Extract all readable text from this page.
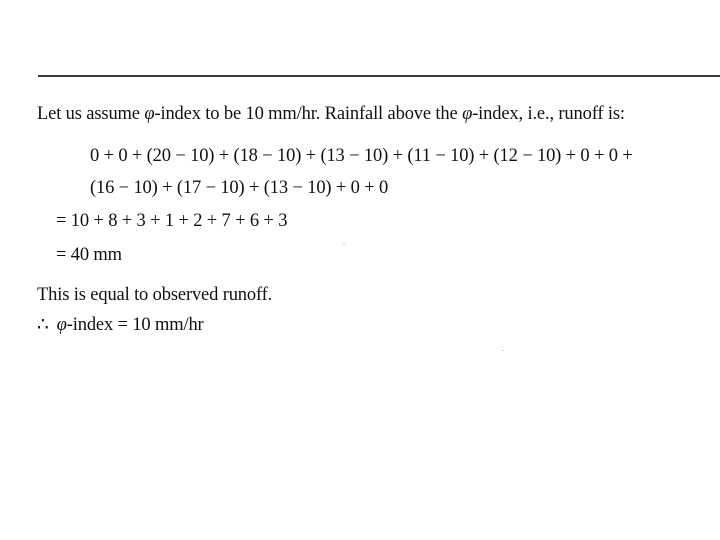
Let us assume φ-index to be 10 mm/hr. Rainfall above the φ-index, i.e., runoff is:
0 + 0 + (20 − 10) + (18 − 10) + (13 − 10) + (11 − 10) + (12 − 10) + 0 + 0 +
(16 − 10) + (17 − 10) + (13 − 10) + 0 + 0
= 10 + 8 + 3 + 1 + 2 + 7 + 6 + 3
= 40 mm
This is equal to observed runoff.
∴ φ-index = 10 mm/hr
